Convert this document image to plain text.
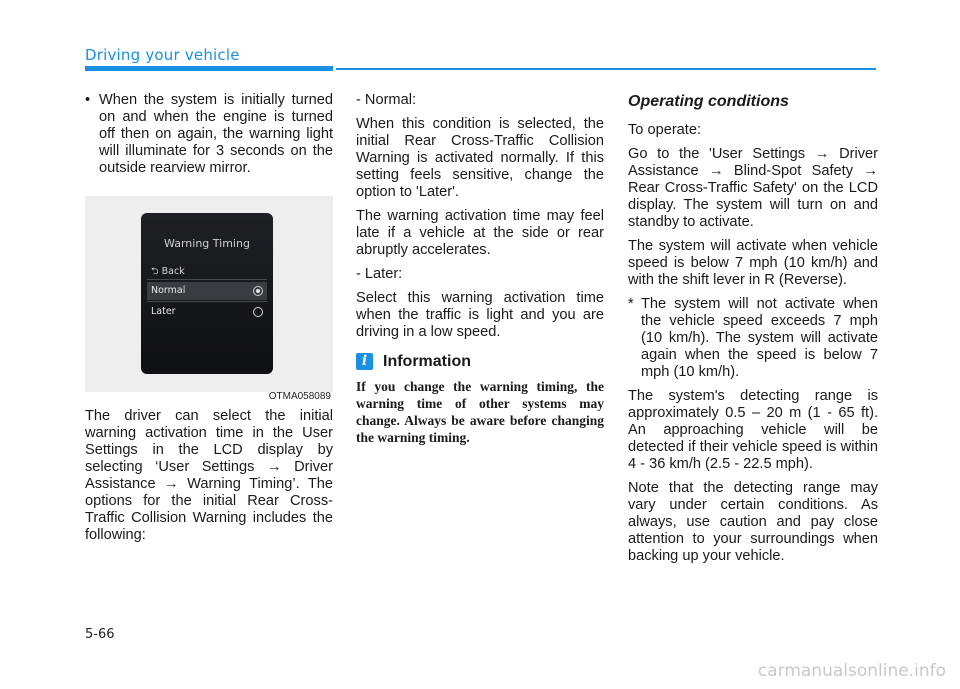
Driving your vehicle
• When the system is initially turned on and when the engine is turned off then on again, the warning light will illuminate for 3 seconds on the outside rearview mirror.
Warning Timing
⮌ Back
Normal
Later
OTMA058089

The driver can select the initial warning activation time in the User Settings in the LCD display by selecting ‘User Settings → Driver Assistance → Warning Timing’. The options for the initial Rear Cross-Traffic Collision Warning includes the following:

- Normal:

When this condition is selected, the initial Rear Cross-Traffic Collision Warning is activated normally. If this setting feels sensitive, change the option to 'Later'.

The warning activation time may feel late if a vehicle at the side or rear abruptly accelerates.

- Later:

Select this warning activation time when the traffic is light and you are driving in a low speed.

i Information

If you change the warning timing, the warning time of other systems may change. Always be aware before changing the warning timing.

Operating conditions

To operate:

Go to the 'User Settings → Driver Assistance → Blind-Spot Safety → Rear Cross-Traffic Safety' on the LCD display. The system will turn on and standby to activate.

The system will activate when vehicle speed is below 7 mph (10 km/h) and with the shift lever in R (Reverse).

* The system will not activate when the vehicle speed exceeds 7 mph (10 km/h). The system will activate again when the speed is below 7 mph (10 km/h).

The system's detecting range is approximately 0.5 – 20 m (1 - 65 ft). An approaching vehicle will be detected if their vehicle speed is within 4 - 36 km/h (2.5 - 22.5 mph).

Note that the detecting range may vary under certain conditions. As always, use caution and pay close attention to your surroundings when backing up your vehicle.

5-66
carmanualsonline.info
